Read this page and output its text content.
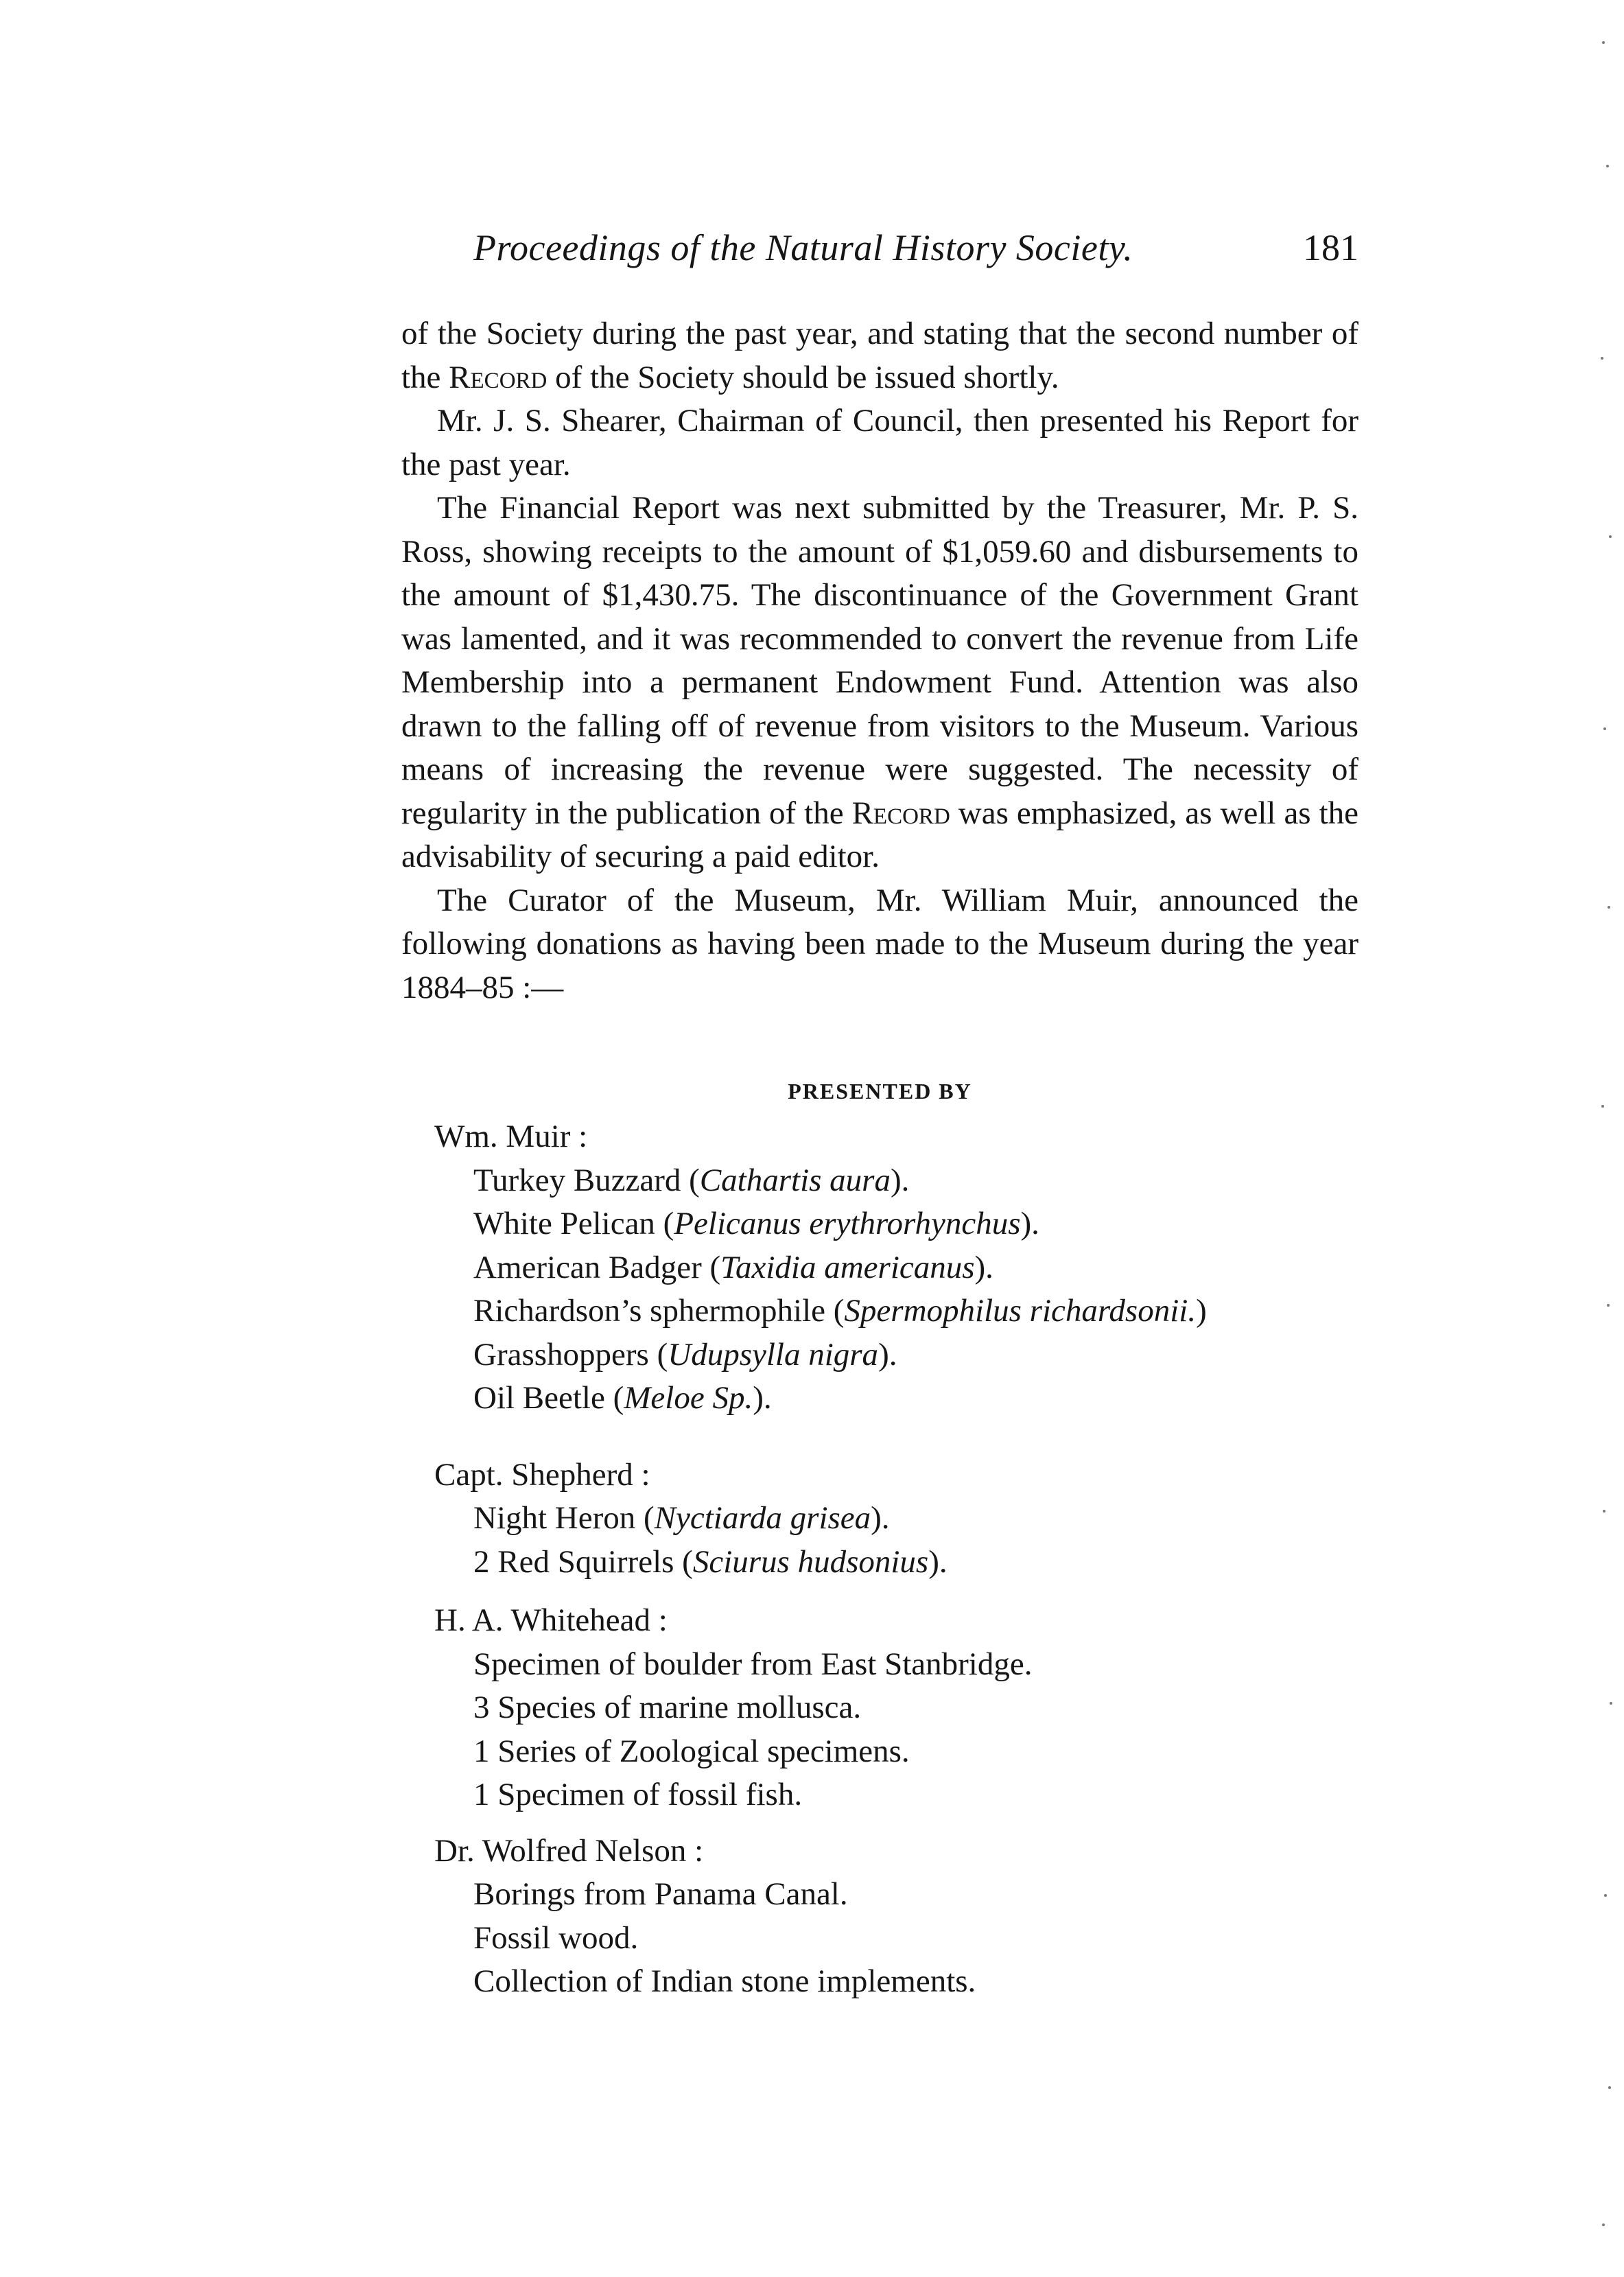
Proceedings of the Natural History Society.	181

of the Society during the past year, and stating that the second number of the Record of the Society should be issued shortly.

Mr. J. S. Shearer, Chairman of Council, then presented his Report for the past year.

The Financial Report was next submitted by the Treasurer, Mr. P. S. Ross, showing receipts to the amount of $1,059.60 and disbursements to the amount of $1,430.75. The discontinuance of the Government Grant was lamented, and it was recommended to convert the revenue from Life Membership into a permanent Endowment Fund. Attention was also drawn to the falling off of revenue from visitors to the Museum. Various means of increasing the revenue were suggested. The necessity of regularity in the publication of the Record was emphasized, as well as the advisability of securing a paid editor.

The Curator of the Museum, Mr. William Muir, announced the following donations as having been made to the Museum during the year 1884–85 :—

PRESENTED BY
Wm. Muir :
Turkey Buzzard (Cathartis aura).
White Pelican (Pelicanus erythrorhynchus).
American Badger (Taxidia americanus).
Richardson’s sphermophile (Spermophilus richardsonii.)
Grasshoppers (Udupsylla nigra).
Oil Beetle (Meloe Sp.).
Capt. Shepherd :
Night Heron (Nyctiarda grisea).
2 Red Squirrels (Sciurus hudsonius).
H. A. Whitehead :
Specimen of boulder from East Stanbridge.
3 Species of marine mollusca.
1 Series of Zoological specimens.
1 Specimen of fossil fish.
Dr. Wolfred Nelson :
Borings from Panama Canal.
Fossil wood.
Collection of Indian stone implements.
